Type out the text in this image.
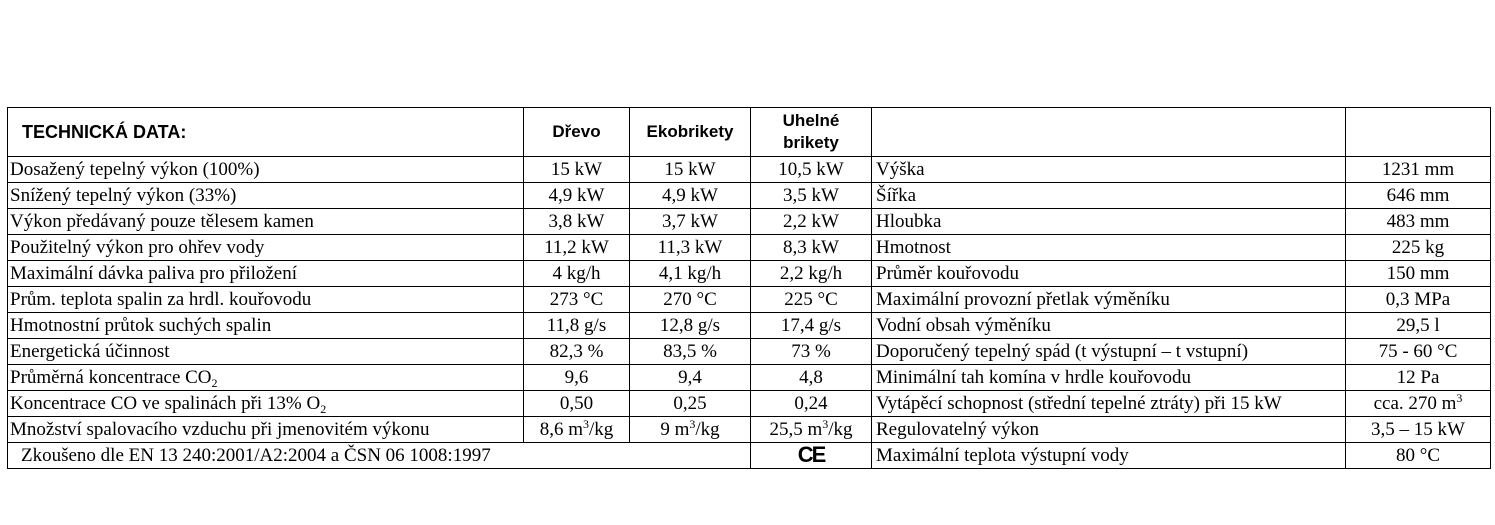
TECHNICKÁ DATA:	Dřevo	Ekobrikety	Uhelné
brikety		
Dosažený tepelný výkon (100%)	15 kW	15 kW	10,5 kW	Výška	1231 mm
Snížený tepelný výkon (33%)	4,9 kW	4,9 kW	3,5 kW	Šířka	646 mm
Výkon předávaný pouze tělesem kamen	3,8 kW	3,7 kW	2,2 kW	Hloubka	483 mm
Použitelný výkon pro ohřev vody	11,2 kW	11,3 kW	8,3 kW	Hmotnost	225 kg
Maximální dávka paliva pro přiložení	4 kg/h	4,1 kg/h	2,2 kg/h	Průměr kouřovodu	150 mm
Prům. teplota spalin za hrdl. kouřovodu	273 °C	270 °C	225 °C	Maximální provozní přetlak výměníku	0,3 MPa
Hmotnostní průtok suchých spalin	11,8 g/s	12,8 g/s	17,4 g/s	Vodní obsah výměníku	29,5 l
Energetická účinnost	82,3 %	83,5 %	73 %	Doporučený tepelný spád (t výstupní – t vstupní)	75 - 60 °C
Průměrná koncentrace $CO_2$	9,6	9,4	4,8	Minimální tah komína v hrdle kouřovodu	12 Pa
Koncentrace CO ve spalinách při 13% $O_2$	0,50	0,25	0,24	Vytápěcí schopnost (střední tepelné ztráty) při 15 kW	cca. 270 $m^3$
Množství spalovacího vzduchu při jmenovitém výkonu	8,6 $m^3/kg$	9 $m^3/kg$	25,5 $m^3/kg$	Regulovatelný výkon	3,5 – 15 kW
Zkoušeno dle EN 13 240:2001/A2:2004 a ČSN 06 1008:1997			CE	Maximální teplota výstupní vody	80 °C
